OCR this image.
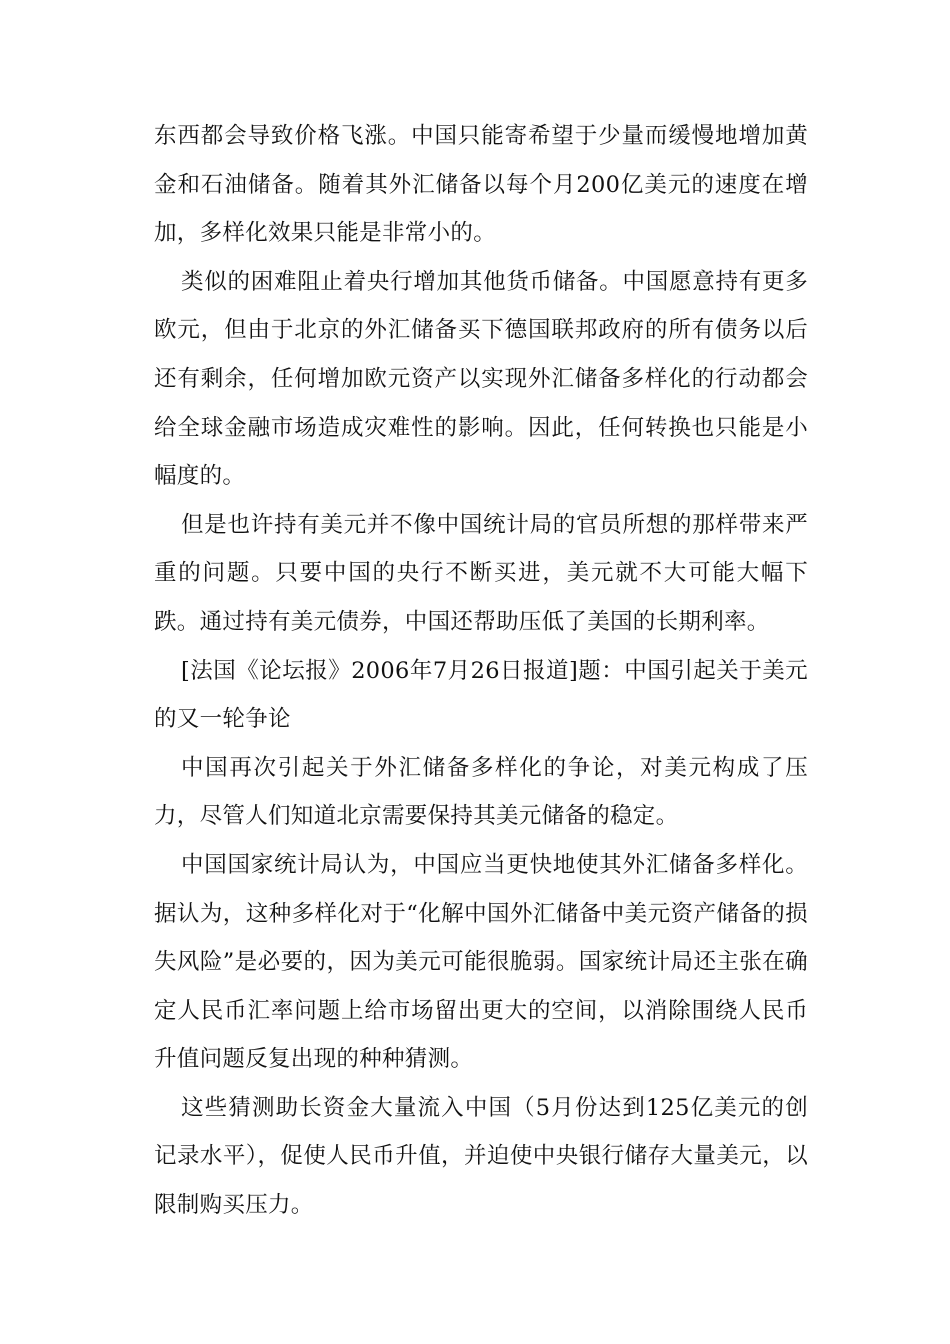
东西都会导致价格飞涨。中国只能寄希望于少量而缓慢地增加黄金和石油储备。随着其外汇储备以每个月200亿美元的速度在增加，多样化效果只能是非常小的。

类似的困难阻止着央行增加其他货币储备。中国愿意持有更多欧元，但由于北京的外汇储备买下德国联邦政府的所有债务以后还有剩余，任何增加欧元资产以实现外汇储备多样化的行动都会给全球金融市场造成灾难性的影响。因此，任何转换也只能是小幅度的。

但是也许持有美元并不像中国统计局的官员所想的那样带来严重的问题。只要中国的央行不断买进，美元就不大可能大幅下跌。通过持有美元债券，中国还帮助压低了美国的长期利率。

[法国《论坛报》2006年7月26日报道]题：中国引起关于美元的又一轮争论

中国再次引起关于外汇储备多样化的争论，对美元构成了压力，尽管人们知道北京需要保持其美元储备的稳定。

中国国家统计局认为，中国应当更快地使其外汇储备多样化。据认为，这种多样化对于“化解中国外汇储备中美元资产储备的损失风险”是必要的，因为美元可能很脆弱。国家统计局还主张在确定人民币汇率问题上给市场留出更大的空间，以消除围绕人民币升值问题反复出现的种种猜测。

这些猜测助长资金大量流入中国（5月份达到125亿美元的创记录水平），促使人民币升值，并迫使中央银行储存大量美元，以限制购买压力。
